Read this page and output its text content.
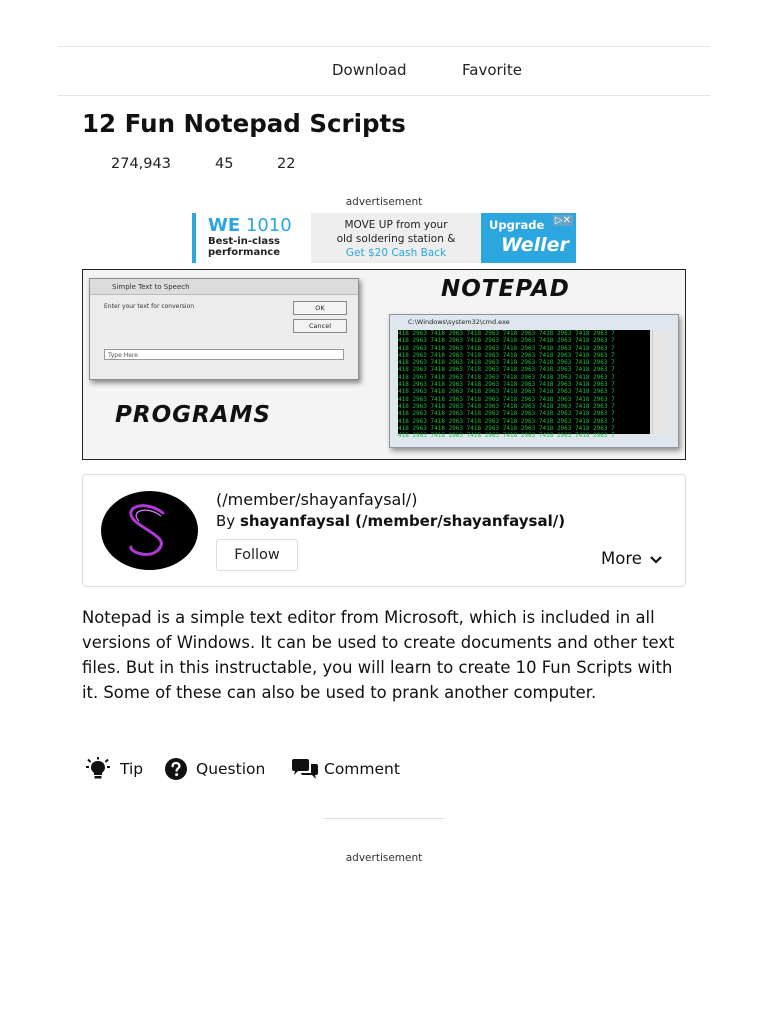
Download	Favorite
12 Fun Notepad Scripts
274,943	45	22
advertisement
WE 1010
Best-in-class
performance
MOVE UP from your
old soldering station &
Get $20 Cash Back
Upgrade
Weller
▷✕
Simple Text to Speech
Enter your text for conversion	OK
Cancel
Type Here
NOTEPAD
PROGRAMS
C:\Windows\system32\cmd.exe
418 2963 7418 2963 7418 2963 7418 2963 7418 2963 7418 2963 7
418 2963 7418 2963 7418 2963 7418 2963 7418 2963 7418 2963 7
418 2963 7418 2963 7418 2963 7418 2963 7418 2963 7418 2963 7
418 2963 7418 2963 7418 2963 7418 2963 7418 2963 7418 2963 7
418 2963 7418 2963 7418 2963 7418 2963 7418 2963 7418 2963 7
418 2963 7418 2963 7418 2963 7418 2963 7418 2963 7418 2963 7
418 2963 7418 2963 7418 2963 7418 2963 7418 2963 7418 2963 7
418 2963 7418 2963 7418 2963 7418 2963 7418 2963 7418 2963 7
418 2963 7418 2963 7418 2963 7418 2963 7418 2963 7418 2963 7
418 2963 7418 2963 7418 2963 7418 2963 7418 2963 7418 2963 7
418 2963 7418 2963 7418 2963 7418 2963 7418 2963 7418 2963 7
418 2963 7418 2963 7418 2963 7418 2963 7418 2963 7418 2963 7
418 2963 7418 2963 7418 2963 7418 2963 7418 2963 7418 2963 7
418 2963 7418 2963 7418 2963 7418 2963 7418 2963 7418 2963 7
418 2963 7418 2963 7418 2963 7418 2963 7418 2963 7418 2963 7

(/member/shayanfaysal/)
By shayanfaysal (/member/shayanfaysal/)
Follow	More

Notepad is a simple text editor from Microsoft, which is included in all versions of Windows. It can be used to create documents and other text files. But in this instructable, you will learn to create 10 Fun Scripts with it. Some of these can also be used to prank another computer.

Tip	Question	Comment
advertisement
